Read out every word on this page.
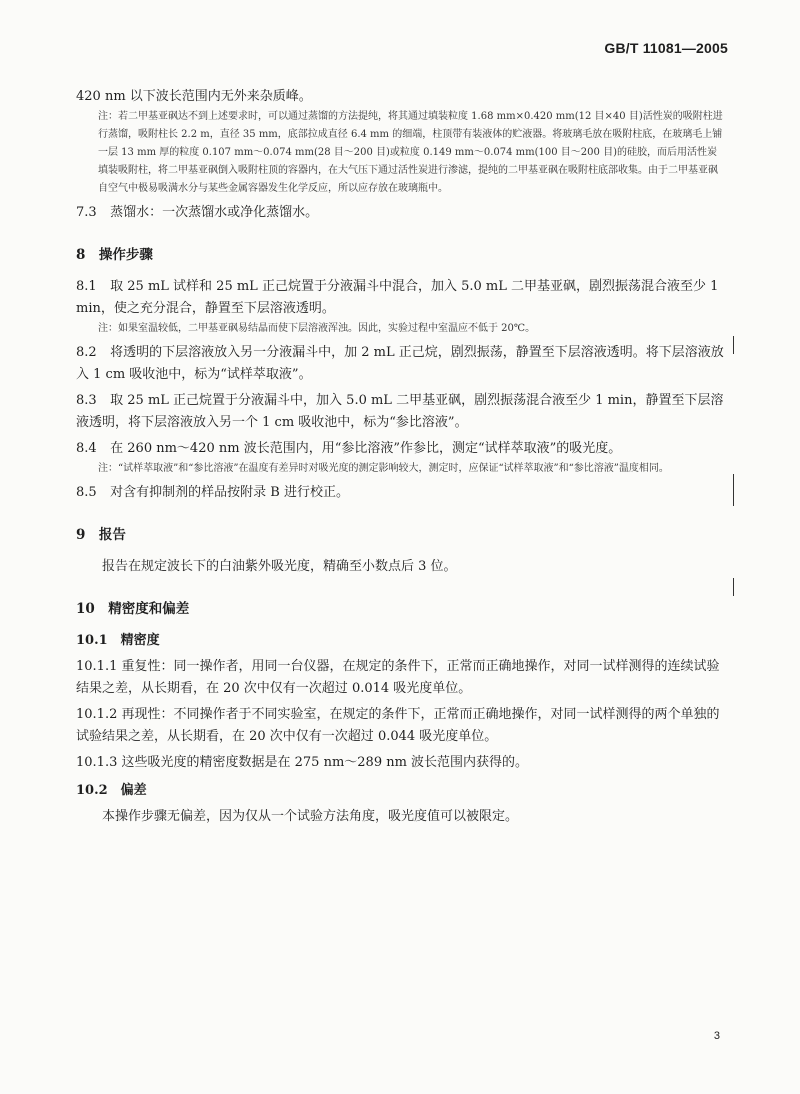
GB/T 11081—2005

420 nm 以下波长范围内无外来杂质峰。

注：若二甲基亚砜达不到上述要求时，可以通过蒸馏的方法提纯，将其通过填装粒度 1.68 mm×0.420 mm(12 目×40 目)活性炭的吸附柱进行蒸馏，吸附柱长 2.2 m，直径 35 mm，底部拉成直径 6.4 mm 的细端，柱顶带有装液体的贮液器。将玻璃毛放在吸附柱底，在玻璃毛上铺一层 13 mm 厚的粒度 0.107 mm～0.074 mm(28 目～200 目)或粒度 0.149 mm～0.074 mm(100 目～200 目)的硅胶，而后用活性炭填装吸附柱，将二甲基亚砜倒入吸附柱顶的容器内，在大气压下通过活性炭进行渗滤，提纯的二甲基亚砜在吸附柱底部收集。由于二甲基亚砜自空气中极易吸满水分与某些金属容器发生化学反应，所以应存放在玻璃瓶中。

7.3 蒸馏水：一次蒸馏水或净化蒸馏水。

8　操作步骤

8.1 取 25 mL 试样和 25 mL 正己烷置于分液漏斗中混合，加入 5.0 mL 二甲基亚砜，剧烈振荡混合液至少 1 min，使之充分混合，静置至下层溶液透明。

注：如果室温较低，二甲基亚砜易结晶而使下层溶液浑浊。因此，实验过程中室温应不低于 20℃。

8.2 将透明的下层溶液放入另一分液漏斗中，加 2 mL 正己烷，剧烈振荡，静置至下层溶液透明。将下层溶液放入 1 cm 吸收池中，标为“试样萃取液”。

8.3 取 25 mL 正己烷置于分液漏斗中，加入 5.0 mL 二甲基亚砜，剧烈振荡混合液至少 1 min，静置至下层溶液透明，将下层溶液放入另一个 1 cm 吸收池中，标为“参比溶液”。

8.4 在 260 nm～420 nm 波长范围内，用“参比溶液”作参比，测定“试样萃取液”的吸光度。

注：“试样萃取液”和“参比溶液”在温度有差异时对吸光度的测定影响较大，测定时，应保证“试样萃取液”和“参比溶液”温度相同。

8.5 对含有抑制剂的样品按附录 B 进行校正。

9　报告

报告在规定波长下的白油紫外吸光度，精确至小数点后 3 位。

10　精密度和偏差
10.1　精密度

10.1.1 重复性：同一操作者，用同一台仪器，在规定的条件下，正常而正确地操作，对同一试样测得的连续试验结果之差，从长期看，在 20 次中仅有一次超过 0.014 吸光度单位。

10.1.2 再现性：不同操作者于不同实验室，在规定的条件下，正常而正确地操作，对同一试样测得的两个单独的试验结果之差，从长期看，在 20 次中仅有一次超过 0.044 吸光度单位。

10.1.3 这些吸光度的精密度数据是在 275 nm～289 nm 波长范围内获得的。

10.2　偏差

本操作步骤无偏差，因为仅从一个试验方法角度，吸光度值可以被限定。

3
